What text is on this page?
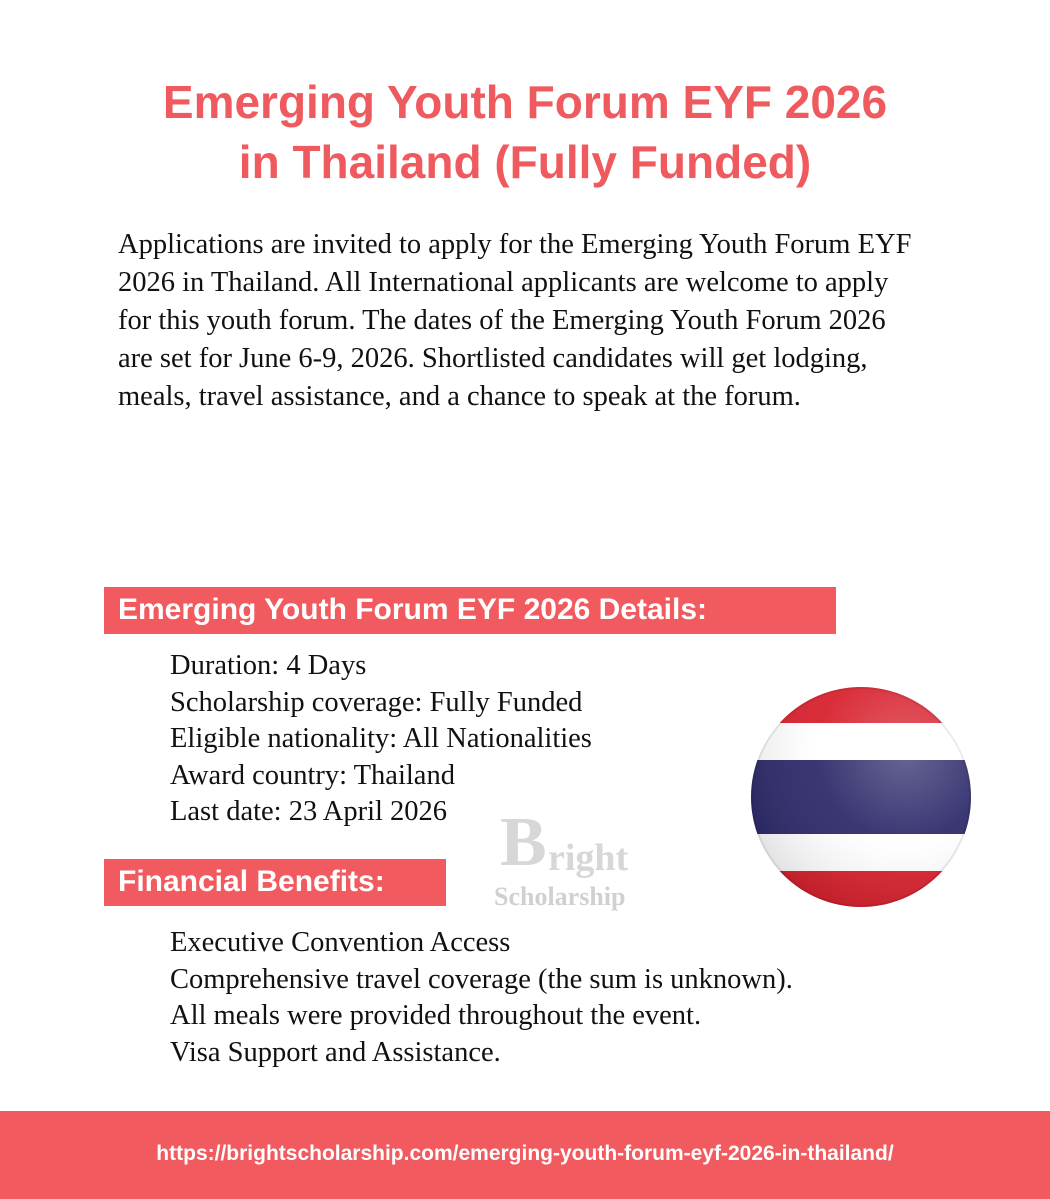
Emerging Youth Forum EYF 2026
in Thailand (Fully Funded)
Applications are invited to apply for the Emerging Youth Forum EYF 2026 in Thailand. All International applicants are welcome to apply for this youth forum. The dates of the Emerging Youth Forum 2026 are set for June 6-9, 2026. Shortlisted candidates will get lodging, meals, travel assistance, and a chance to speak at the forum.
Emerging Youth Forum EYF 2026 Details:
Duration: 4 Days
Scholarship coverage: Fully Funded
Eligible nationality: All Nationalities
Award country: Thailand
Last date: 23 April 2026 B right
Scholarship
Financial Benefits:
Executive Convention Access
Comprehensive travel coverage (the sum is unknown).
All meals were provided throughout the event.
Visa Support and Assistance.
https://brightscholarship.com/emerging-youth-forum-eyf-2026-in-thailand/
